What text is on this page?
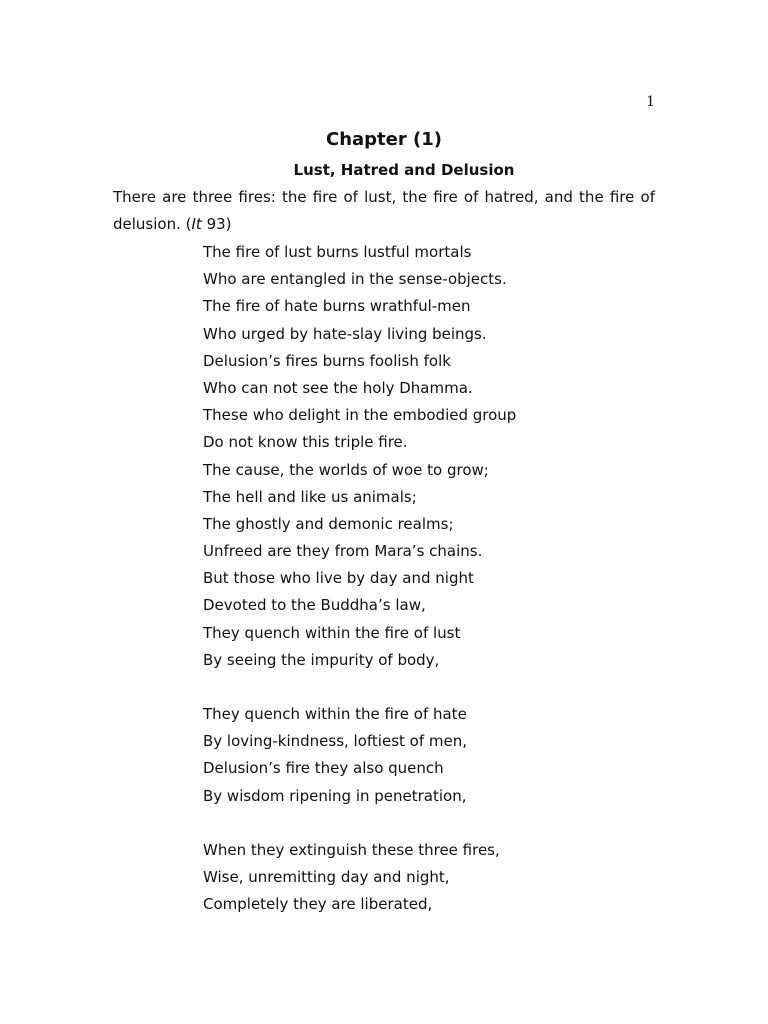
1
Chapter (1)
Lust, Hatred and Delusion

There are three fires: the fire of lust, the fire of hatred, and the fire of delusion. (It 93)

The fire of lust burns lustful mortals
Who are entangled in the sense-objects.
The fire of hate burns wrathful-men
Who urged by hate-slay living beings.
Delusion’s fires burns foolish folk
Who can not see the holy Dhamma.
These who delight in the embodied group
Do not know this triple fire.
The cause, the worlds of woe to grow;
The hell and like us animals;
The ghostly and demonic realms;
Unfreed are they from Mara’s chains.
But those who live by day and night
Devoted to the Buddha’s law,
They quench within the fire of lust
By seeing the impurity of body,
They quench within the fire of hate
By loving-kindness, loftiest of men,
Delusion’s fire they also quench
By wisdom ripening in penetration,
When they extinguish these three fires,
Wise, unremitting day and night,
Completely they are liberated,
